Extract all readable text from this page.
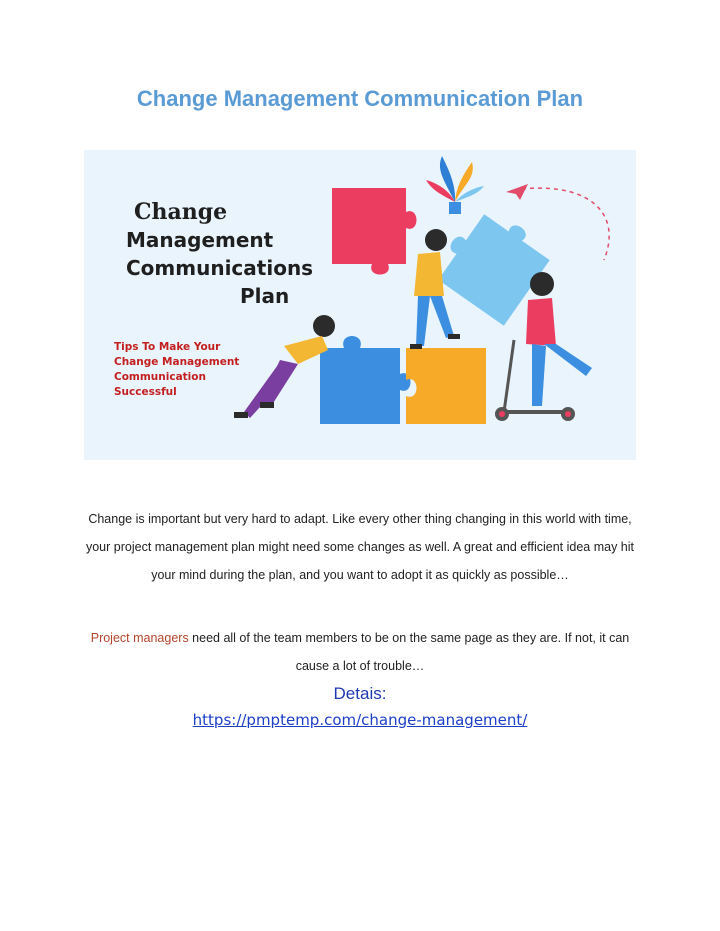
Change Management Communication Plan
Change
Management
Communications
Plan
Tips To Make Your
Change Management
Communication
Successful

Change is important but very hard to adapt. Like every other thing changing in this world with time, your project management plan might need some changes as well. A great and efficient idea may hit your mind during the plan, and you want to adopt it as quickly as possible…

Project managers need all of the team members to be on the same page as they are. If not, it can cause a lot of trouble…

Detais:
https://pmptemp.com/change-management/
